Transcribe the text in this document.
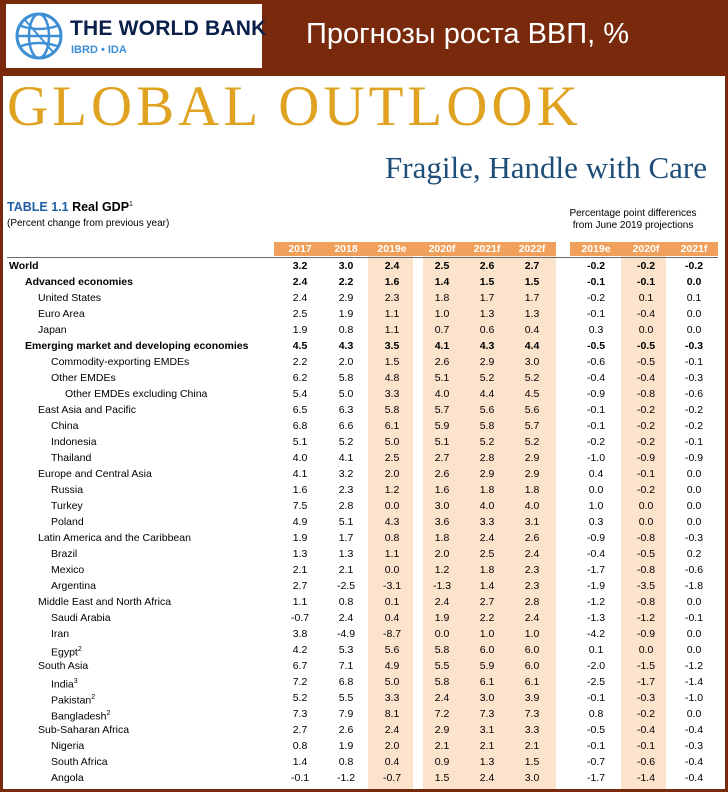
THE WORLD BANK
IBRD • IDA	Прогнозы роста ВВП, %
GLOBAL OUTLOOK
Fragile, Handle with Care
TABLE 1.1 Real GDP$^1$
(Percent change from previous year)
Percentage point differences
from June 2019 projections
2017	2018	2019e	2020f	2021f	2022f	2019e	2020f	2021f
World	3.2	3.0	2.4	2.5	2.6	2.7	-0.2	-0.2	-0.2
Advanced economies	2.4	2.2	1.6	1.4	1.5	1.5	-0.1	-0.1	0.0
United States	2.4	2.9	2.3	1.8	1.7	1.7	-0.2	0.1	0.1
Euro Area	2.5	1.9	1.1	1.0	1.3	1.3	-0.1	-0.4	0.0
Japan	1.9	0.8	1.1	0.7	0.6	0.4	0.3	0.0	0.0
Emerging market and developing economies	4.5	4.3	3.5	4.1	4.3	4.4	-0.5	-0.5	-0.3
Commodity-exporting EMDEs	2.2	2.0	1.5	2.6	2.9	3.0	-0.6	-0.5	-0.1
Other EMDEs	6.2	5.8	4.8	5.1	5.2	5.2	-0.4	-0.4	-0.3
Other EMDEs excluding China	5.4	5.0	3.3	4.0	4.4	4.5	-0.9	-0.8	-0.6
East Asia and Pacific	6.5	6.3	5.8	5.7	5.6	5.6	-0.1	-0.2	-0.2
China	6.8	6.6	6.1	5.9	5.8	5.7	-0.1	-0.2	-0.2
Indonesia	5.1	5.2	5.0	5.1	5.2	5.2	-0.2	-0.2	-0.1
Thailand	4.0	4.1	2.5	2.7	2.8	2.9	-1.0	-0.9	-0.9
Europe and Central Asia	4.1	3.2	2.0	2.6	2.9	2.9	0.4	-0.1	0.0
Russia	1.6	2.3	1.2	1.6	1.8	1.8	0.0	-0.2	0.0
Turkey	7.5	2.8	0.0	3.0	4.0	4.0	1.0	0.0	0.0
Poland	4.9	5.1	4.3	3.6	3.3	3.1	0.3	0.0	0.0
Latin America and the Caribbean	1.9	1.7	0.8	1.8	2.4	2.6	-0.9	-0.8	-0.3
Brazil	1.3	1.3	1.1	2.0	2.5	2.4	-0.4	-0.5	0.2
Mexico	2.1	2.1	0.0	1.2	1.8	2.3	-1.7	-0.8	-0.6
Argentina	2.7	-2.5	-3.1	-1.3	1.4	2.3	-1.9	-3.5	-1.8
Middle East and North Africa	1.1	0.8	0.1	2.4	2.7	2.8	-1.2	-0.8	0.0
Saudi Arabia	-0.7	2.4	0.4	1.9	2.2	2.4	-1.3	-1.2	-0.1
Iran	3.8	-4.9	-8.7	0.0	1.0	1.0	-4.2	-0.9	0.0
Egypt$^2$	4.2	5.3	5.6	5.8	6.0	6.0	0.1	0.0	0.0
South Asia	6.7	7.1	4.9	5.5	5.9	6.0	-2.0	-1.5	-1.2
India$^3$	7.2	6.8	5.0	5.8	6.1	6.1	-2.5	-1.7	-1.4
Pakistan$^2$	5.2	5.5	3.3	2.4	3.0	3.9	-0.1	-0.3	-1.0
Bangladesh$^2$	7.3	7.9	8.1	7.2	7.3	7.3	0.8	-0.2	0.0
Sub-Saharan Africa	2.7	2.6	2.4	2.9	3.1	3.3	-0.5	-0.4	-0.4
Nigeria	0.8	1.9	2.0	2.1	2.1	2.1	-0.1	-0.1	-0.3
South Africa	1.4	0.8	0.4	0.9	1.3	1.5	-0.7	-0.6	-0.4
Angola	-0.1	-1.2	-0.7	1.5	2.4	3.0	-1.7	-1.4	-0.4
